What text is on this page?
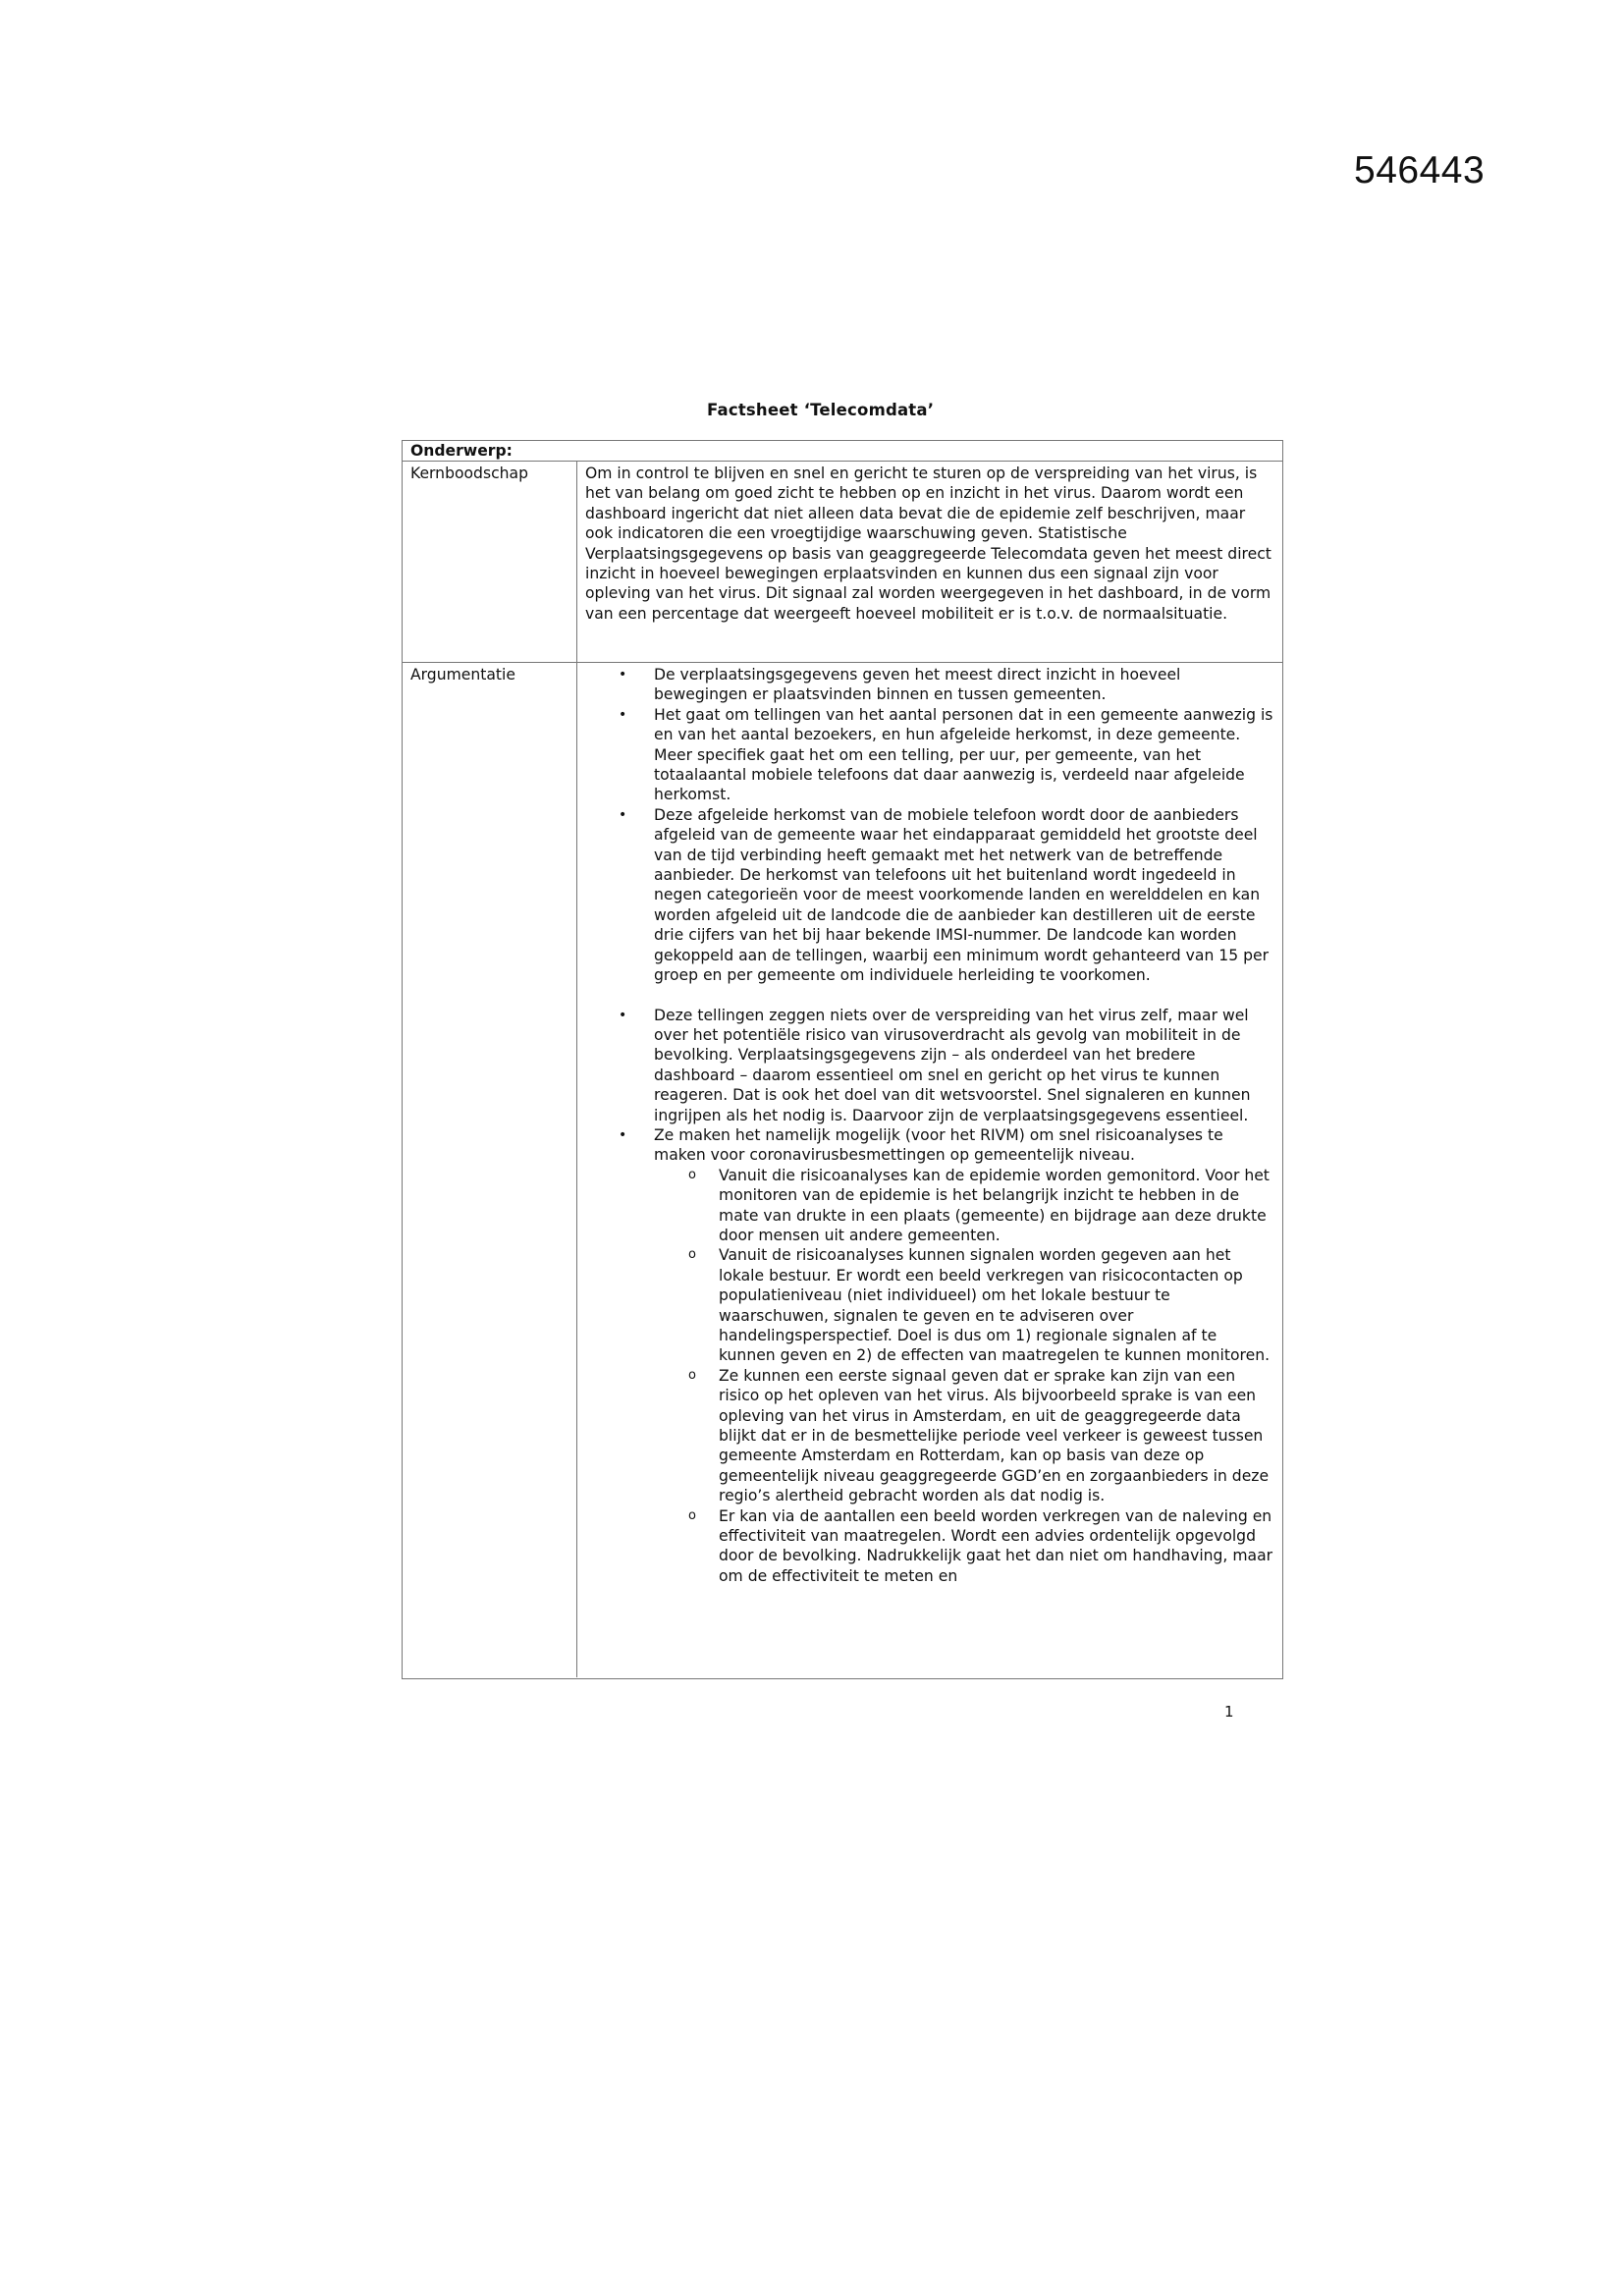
546443
Factsheet ‘Telecomdata’
Onderwerp:
Kernboodschap	Om in control te blijven en snel en gericht te sturen op de verspreiding van het virus, is het van belang om goed zicht te hebben op en inzicht in het virus. Daarom wordt een dashboard ingericht dat niet alleen data bevat die de epidemie zelf beschrijven, maar ook indicatoren die een vroegtijdige waarschuwing geven. Statistische Verplaatsingsgegevens op basis van geaggregeerde Telecomdata geven het meest direct inzicht in hoeveel bewegingen erplaatsvinden en kunnen dus een signaal zijn voor opleving van het virus. Dit signaal zal worden weergegeven in het dashboard, in de vorm van een percentage dat weergeeft hoeveel mobiliteit er is t.o.v. de normaalsituatie.

Argumentatie
•	De verplaatsingsgegevens geven het meest direct inzicht in hoeveel bewegingen er plaatsvinden binnen en tussen gemeenten.
• Het gaat om tellingen van het aantal personen dat in een gemeente aanwezig is en van het aantal bezoekers, en hun afgeleide herkomst, in deze gemeente. Meer specifiek gaat het om een telling, per uur, per gemeente, van het totaalaantal mobiele telefoons dat daar aanwezig is, verdeeld naar afgeleide herkomst.
• Deze afgeleide herkomst van de mobiele telefoon wordt door de aanbieders afgeleid van de gemeente waar het eindapparaat gemiddeld het grootste deel van de tijd verbinding heeft gemaakt met het netwerk van de betreffende aanbieder. De herkomst van telefoons uit het buitenland wordt ingedeeld in negen categorieën voor de meest voorkomende landen en werelddelen en kan worden afgeleid uit de landcode die de aanbieder kan destilleren uit de eerste drie cijfers van het bij haar bekende IMSI-nummer. De landcode kan worden gekoppeld aan de tellingen, waarbij een minimum wordt gehanteerd van 15 per groep en per gemeente om individuele herleiding te voorkomen.
• Deze tellingen zeggen niets over de verspreiding van het virus zelf, maar wel over het potentiële risico van virusoverdracht als gevolg van mobiliteit in de bevolking. Verplaatsingsgegevens zijn – als onderdeel van het bredere dashboard – daarom essentieel om snel en gericht op het virus te kunnen reageren. Dat is ook het doel van dit wetsvoorstel. Snel signaleren en kunnen ingrijpen als het nodig is. Daarvoor zijn de verplaatsingsgegevens essentieel.
• Ze maken het namelijk mogelijk (voor het RIVM) om snel risicoanalyses te maken voor coronavirusbesmettingen op gemeentelijk niveau.
o Vanuit die risicoanalyses kan de epidemie worden gemonitord. Voor het monitoren van de epidemie is het belangrijk inzicht te hebben in de mate van drukte in een plaats (gemeente) en bijdrage aan deze drukte door mensen uit andere gemeenten.
o Vanuit de risicoanalyses kunnen signalen worden gegeven aan het lokale bestuur. Er wordt een beeld verkregen van risicocontacten op populatieniveau (niet individueel) om het lokale bestuur te waarschuwen, signalen te geven en te adviseren over handelingsperspectief. Doel is dus om 1) regionale signalen af te kunnen geven en 2) de effecten van maatregelen te kunnen monitoren.
o Ze kunnen een eerste signaal geven dat er sprake kan zijn van een risico op het opleven van het virus. Als bijvoorbeeld sprake is van een opleving van het virus in Amsterdam, en uit de geaggregeerde data blijkt dat er in de besmettelijke periode veel verkeer is geweest tussen gemeente Amsterdam en Rotterdam, kan op basis van deze op gemeentelijk niveau geaggregeerde GGD’en en zorgaanbieders in deze regio’s alertheid gebracht worden als dat nodig is.
o Er kan via de aantallen een beeld worden verkregen van de naleving en effectiviteit van maatregelen. Wordt een advies ordentelijk opgevolgd door de bevolking. Nadrukkelijk gaat het dan niet om handhaving, maar om de effectiviteit te meten en
1
